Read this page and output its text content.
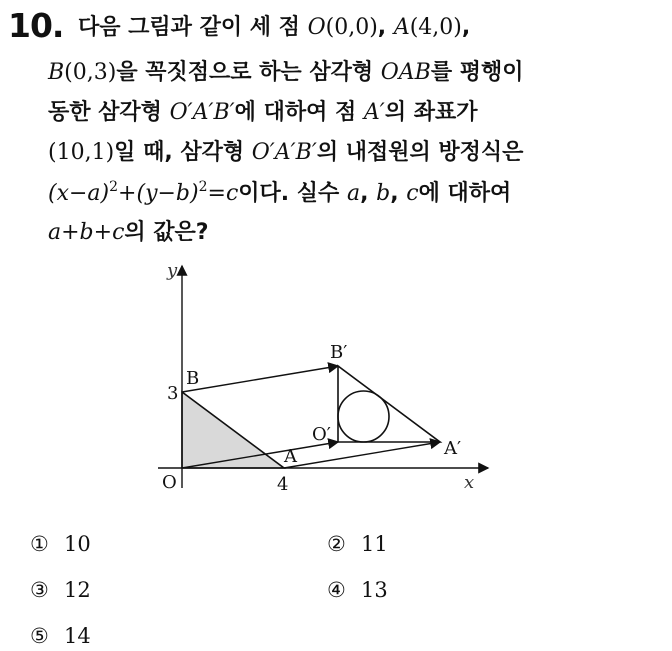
10. 다음 그림과 같이 세 점 O(0,0), A(4,0),
B(0,3)을 꼭짓점으로 하는 삼각형 OAB를 평행이
동한 삼각형 O′A′B′에 대하여 점 A′의 좌표가
(10,1)일 때, 삼각형 O′A′B′의 내접원의 방정식은
$(x-a)^2+(y-b)^2=c$이다. 실수 a, b, c에 대하여
a+b+c의 값은?
y
x
O
3
4
B
A
B′
O′
A′
① 10	② 11
③ 12	④ 13
⑤ 14
